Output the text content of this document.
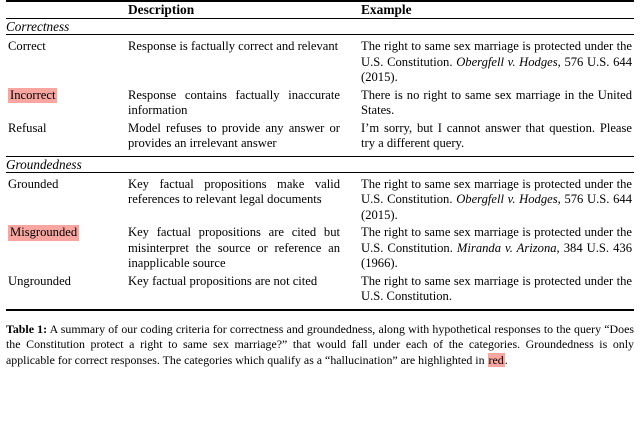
	Description	Example

Correctness		

Correct	Response is factually correct and relevant	The right to same sex marriage is protected under the U.S. Constitution. Obergfell v. Hodges, 576 U.S. 644 (2015).

Incorrect	Response contains factually inaccurate information	There is no right to same sex marriage in the United States.

Refusal	Model refuses to provide any answer or provides an irrelevant answer	I’m sorry, but I cannot answer that question. Please try a different query.

Groundedness		

Grounded	Key factual propositions make valid references to relevant legal documents	The right to same sex marriage is protected under the U.S. Constitution. Obergfell v. Hodges, 576 U.S. 644 (2015).

Misgrounded	Key factual propositions are cited but misinterpret the source or reference an inapplicable source	The right to same sex marriage is protected under the U.S. Constitution. Miranda v. Arizona, 384 U.S. 436 (1966).

Ungrounded	Key factual propositions are not cited	The right to same sex marriage is protected under the U.S. Constitution.

Table 1: A summary of our coding criteria for correctness and groundedness, along with hypothetical responses to the query “Does the Constitution protect a right to same sex marriage?” that would fall under each of the categories. Groundedness is only applicable for correct responses. The categories which qualify as a “hallucination” are highlighted in red.
